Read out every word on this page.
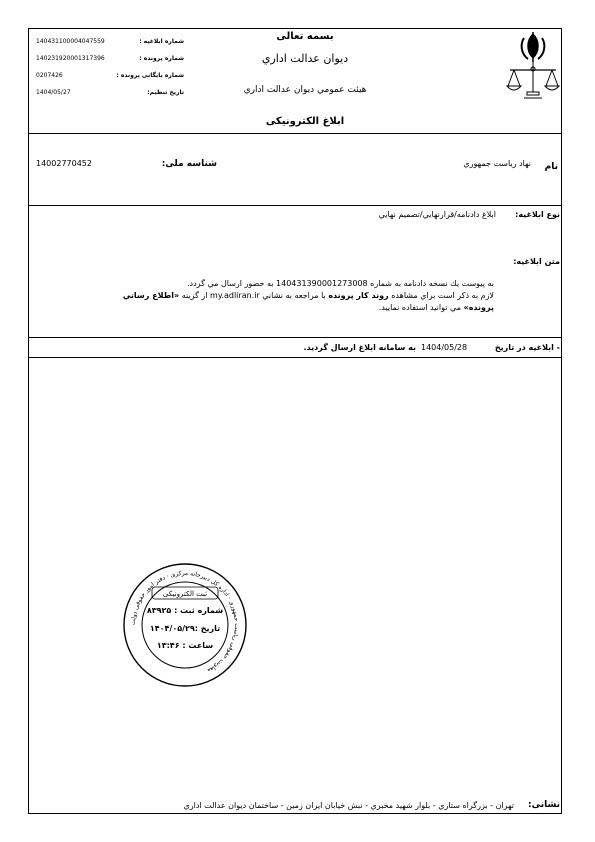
بسمه تعالی
ديوان عدالت اداري
هيئت عمومي ديوان عدالت اداري
ابلاغ الكترونيكی
140431100004047559	شماره ابلاغیه :
140231920001317396	شماره پرونده :
0207426	شماره بایگانی پرونده :
1404/05/27	تاریخ تنظیم:
نام
نهاد رياست جمهوري
شناسه ملی:
14002770452
نوع ابلاغیه:
ابلاغ دادنامه/قرارنهايي/تصميم نهايي
متن ابلاغیه:
به پيوست يك نسخه دادنامه به شماره 140431390001273008 به حضور ارسال مي گردد.
لازم به ذكر است براي مشاهده روند كار پرونده با مراجعه به نشاني my.adliran.ir از گزينه «اطلاع رساني
پرونده» مي توانيد استفاده نماييد.
- ابلاغیه در تاریخ
1404/05/28
به سامانه ابلاغ ارسال گرديد.
معاونت حقوقی ریاست جمهوری · اداره کل دبیرخانه مرکزی · دفتر امور حقوقی دولت
ثبت الكترونيكی
شماره ثبت : ۸۳۹۲۵
تاریخ :۱۴۰۴/۰۵/۲۹
ساعت : ۱۳:۴۶
نشانی:
تهران - بزرگراه ستاري - بلوار شهيد مخبري - نبش خيابان ايران زمين - ساختمان ديوان عدالت اداري
